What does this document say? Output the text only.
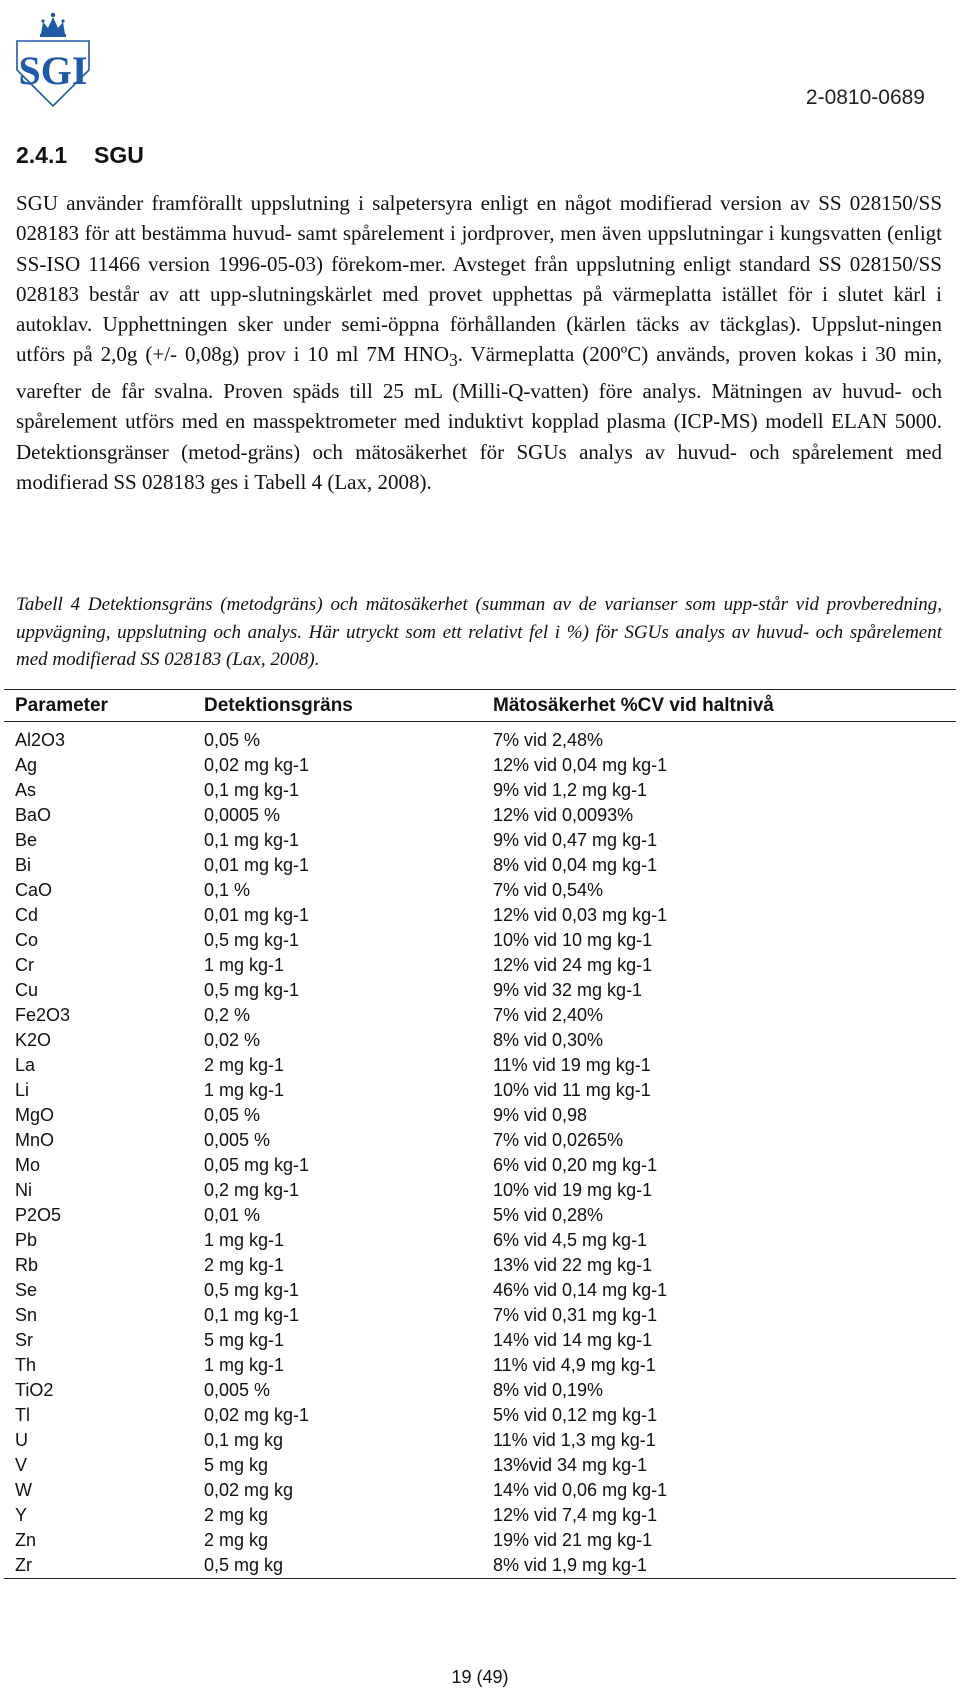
SGI
2-0810-0689
2.4.1 SGU

SGU använder framförallt uppslutning i salpetersyra enligt en något modifierad version av SS 028150/SS 028183 för att bestämma huvud- samt spårelement i jordprover, men även uppslutningar i kungsvatten (enligt SS-ISO 11466 version 1996-05-03) förekom-mer. Avsteget från uppslutning enligt standard SS 028150/SS 028183 består av att upp-slutningskärlet med provet upphettas på värmeplatta istället för i slutet kärl i autoklav. Upphettningen sker under semi-öppna förhållanden (kärlen täcks av täckglas). Uppslut-ningen utförs på 2,0g (+/- 0,08g) prov i 10 ml 7M $HNO_3$. Värmeplatta (200ºC) används, proven kokas i 30 min, varefter de får svalna. Proven späds till 25 mL (Milli-Q-vatten) före analys. Mätningen av huvud- och spårelement utförs med en masspektrometer med induktivt kopplad plasma (ICP-MS) modell ELAN 5000. Detektionsgränser (metod-gräns) och mätosäkerhet för SGUs analys av huvud- och spårelement med modifierad SS 028183 ges i Tabell 4 (Lax, 2008).

Tabell 4 Detektionsgräns (metodgräns) och mätosäkerhet (summan av de varianser som upp-står vid provberedning, uppvägning, uppslutning och analys. Här utryckt som ett relativt fel i %) för SGUs analys av huvud- och spårelement med modifierad SS 028183 (Lax, 2008).

Parameter	Detektionsgräns	Mätosäkerhet %CV vid haltnivå
Al2O3	0,05 %	7% vid 2,48%
Ag	0,02 mg kg-1	12% vid 0,04 mg kg-1
As	0,1 mg kg-1	9% vid 1,2 mg kg-1
BaO	0,0005 %	12% vid 0,0093%
Be	0,1 mg kg-1	9% vid 0,47 mg kg-1
Bi	0,01 mg kg-1	8% vid 0,04 mg kg-1
CaO	0,1 %	7% vid 0,54%
Cd	0,01 mg kg-1	12% vid 0,03 mg kg-1
Co	0,5 mg kg-1	10% vid 10 mg kg-1
Cr	1 mg kg-1	12% vid 24 mg kg-1
Cu	0,5 mg kg-1	9% vid 32 mg kg-1
Fe2O3	0,2 %	7% vid 2,40%
K2O	0,02 %	8% vid 0,30%
La	2 mg kg-1	11% vid 19 mg kg-1
Li	1 mg kg-1	10% vid 11 mg kg-1
MgO	0,05 %	9% vid 0,98
MnO	0,005 %	7% vid 0,0265%
Mo	0,05 mg kg-1	6% vid 0,20 mg kg-1
Ni	0,2 mg kg-1	10% vid 19 mg kg-1
P2O5	0,01 %	5% vid 0,28%
Pb	1 mg kg-1	6% vid 4,5 mg kg-1
Rb	2 mg kg-1	13% vid 22 mg kg-1
Se	0,5 mg kg-1	46% vid 0,14 mg kg-1
Sn	0,1 mg kg-1	7% vid 0,31 mg kg-1
Sr	5 mg kg-1	14% vid 14 mg kg-1
Th	1 mg kg-1	11% vid 4,9 mg kg-1
TiO2	0,005 %	8% vid 0,19%
Tl	0,02 mg kg-1	5% vid 0,12 mg kg-1
U	0,1 mg kg	11% vid 1,3 mg kg-1
V	5 mg kg	13%vid 34 mg kg-1
W	0,02 mg kg	14% vid 0,06 mg kg-1
Y	2 mg kg	12% vid 7,4 mg kg-1
Zn	2 mg kg	19% vid 21 mg kg-1
Zr	0,5 mg kg	8% vid 1,9 mg kg-1
19 (49)
